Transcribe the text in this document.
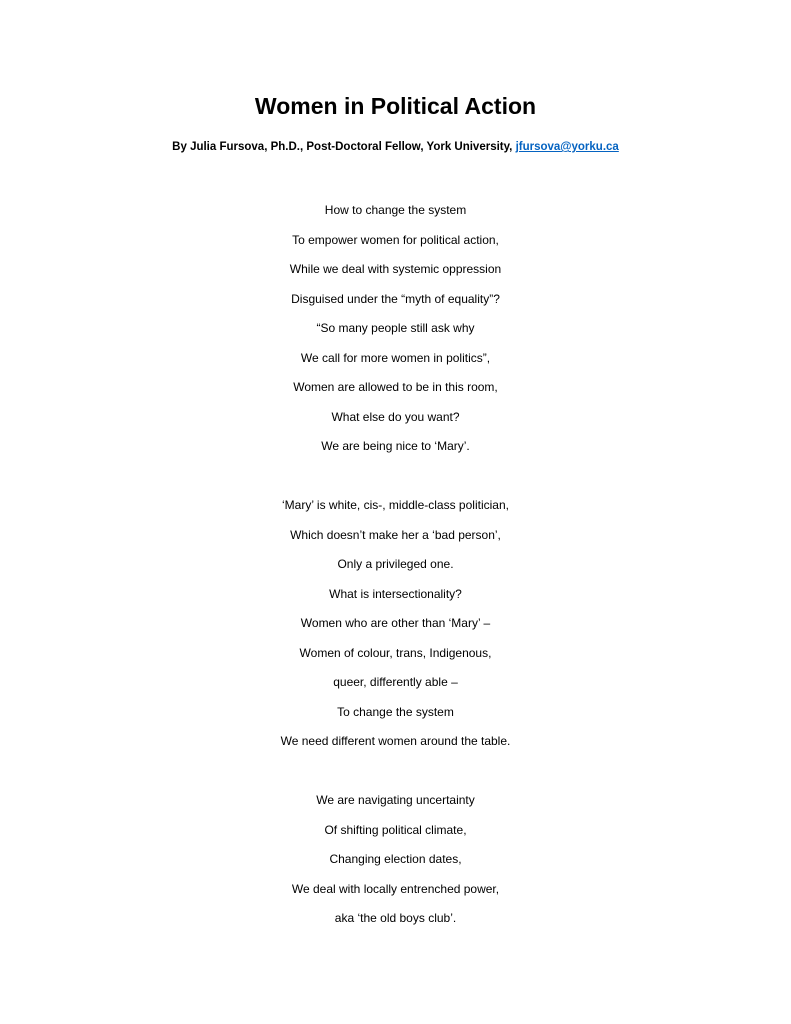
Women in Political Action
By Julia Fursova, Ph.D., Post-Doctoral Fellow, York University, jfursova@yorku.ca
How to change the system
To empower women for political action,
While we deal with systemic oppression
Disguised under the “myth of equality”?
“So many people still ask why
We call for more women in politics”,
Women are allowed to be in this room,
What else do you want?
We are being nice to ‘Mary’.
‘Mary’ is white, cis-, middle-class politician,
Which doesn’t make her a ‘bad person’,
Only a privileged one.
What is intersectionality?
Women who are other than ‘Mary’ –
Women of colour, trans, Indigenous,
queer, differently able –
To change the system
We need different women around the table.
We are navigating uncertainty
Of shifting political climate,
Changing election dates,
We deal with locally entrenched power,
aka ‘the old boys club’.
